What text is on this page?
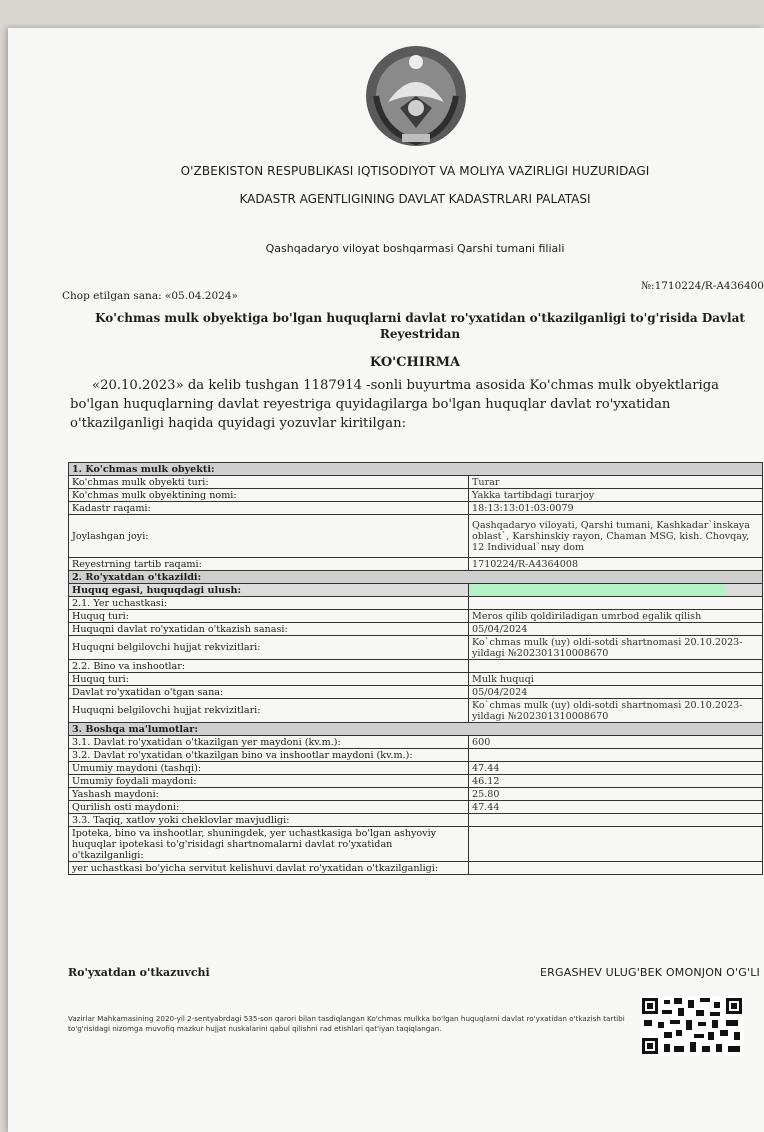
O'ZBEKISTON RESPUBLIKASI IQTISODIYOT VA MOLIYA VAZIRLIGI HUZURIDAGI
KADASTR AGENTLIGINING DAVLAT KADASTRLARI PALATASI
Qashqadaryo viloyat boshqarmasi Qarshi tumani filiali
Chop etilgan sana: «05.04.2024»
№:1710224/R-A436400
Ko'chmas mulk obyektiga bo'lgan huquqlarni davlat ro'yxatidan o'tkazilganligi to'g'risida Davlat Reyestridan
KO'CHIRMA
«20.10.2023» da kelib tushgan 1187914 -sonli buyurtma asosida Ko'chmas mulk obyektlariga bo'lgan huquqlarning davlat reyestriga quyidagilarga bo'lgan huquqlar davlat ro'yxatidan o'tkazilganligi haqida quyidagi yozuvlar kiritilgan:
1. Ko'chmas mulk obyekti:	
Ko'chmas mulk obyekti turi:	Turar
Ko'chmas mulk obyektining nomi:	Yakka tartibdagi turarjoy
Kadastr raqami:	18:13:13:01:03:0079
Joylashgan joyi:	Qashqadaryo viloyati, Qarshi tumani, Kashkadar`inskaya oblast`, Karshinskiy rayon, Chaman MSG, kish. Chovqay, 12 Individual`nыy dom
Reyestrning tartib raqami:	1710224/R-A4364008
2. Ro'yxatdan o'tkazildi:	
Huquq egasi, huquqdagi ulush:	

2.1. Yer uchastkasi:	
Huquq turi:	Meros qilib qoldiriladigan umrbod egalik qilish
Huquqni davlat ro'yxatidan o'tkazish sanasi:	05/04/2024
Huquqni belgilovchi hujjat rekvizitlari:	Ko`chmas mulk (uy) oldi-sotdi shartnomasi 20.10.2023-yildagi №202301310008670
2.2. Bino va inshootlar:	
Huquq turi:	Mulk huquqi
Davlat ro'yxatidan o'tgan sana:	05/04/2024
Huquqni belgilovchi hujjat rekvizitlari:	Ko`chmas mulk (uy) oldi-sotdi shartnomasi 20.10.2023-yildagi №202301310008670
3. Boshqa ma'lumotlar:	
3.1. Davlat ro'yxatidan o'tkazilgan yer maydoni (kv.m.):	600
3.2. Davlat ro'yxatidan o'tkazilgan bino va inshootlar maydoni (kv.m.):	
Umumiy maydoni (tashqi):	47.44
Umumiy foydali maydoni:	46.12
Yashash maydoni:	25.80
Qurilish osti maydoni:	47.44
3.3. Taqiq, xatlov yoki cheklovlar mavjudligi:	
Ipoteka, bino va inshootlar, shuningdek, yer uchastkasiga bo'lgan ashyoviy huquqlar ipotekasi to'g'risidagi shartnomalarni davlat ro'yxatidan o'tkazilganligi:	
yer uchastkasi bo'yicha servitut kelishuvi davlat ro'yxatidan o'tkazilganligi:	
Ro'yxatdan o'tkazuvchi	ERGASHEV ULUG'BEK OMONJON O'G'LI
Vazirlar Mahkamasining 2020-yil 2-sentyabrdagi 535-son qarori bilan tasdiqlangan Ko'chmas mulkka bo'lgan huquqlarni davlat ro'yxatidan o'tkazish tartibi to'g'risidagi nizomga muvofiq mazkur hujjat nuskalarini qabul qilishni rad etishlari qat'iyan taqiqlangan.
